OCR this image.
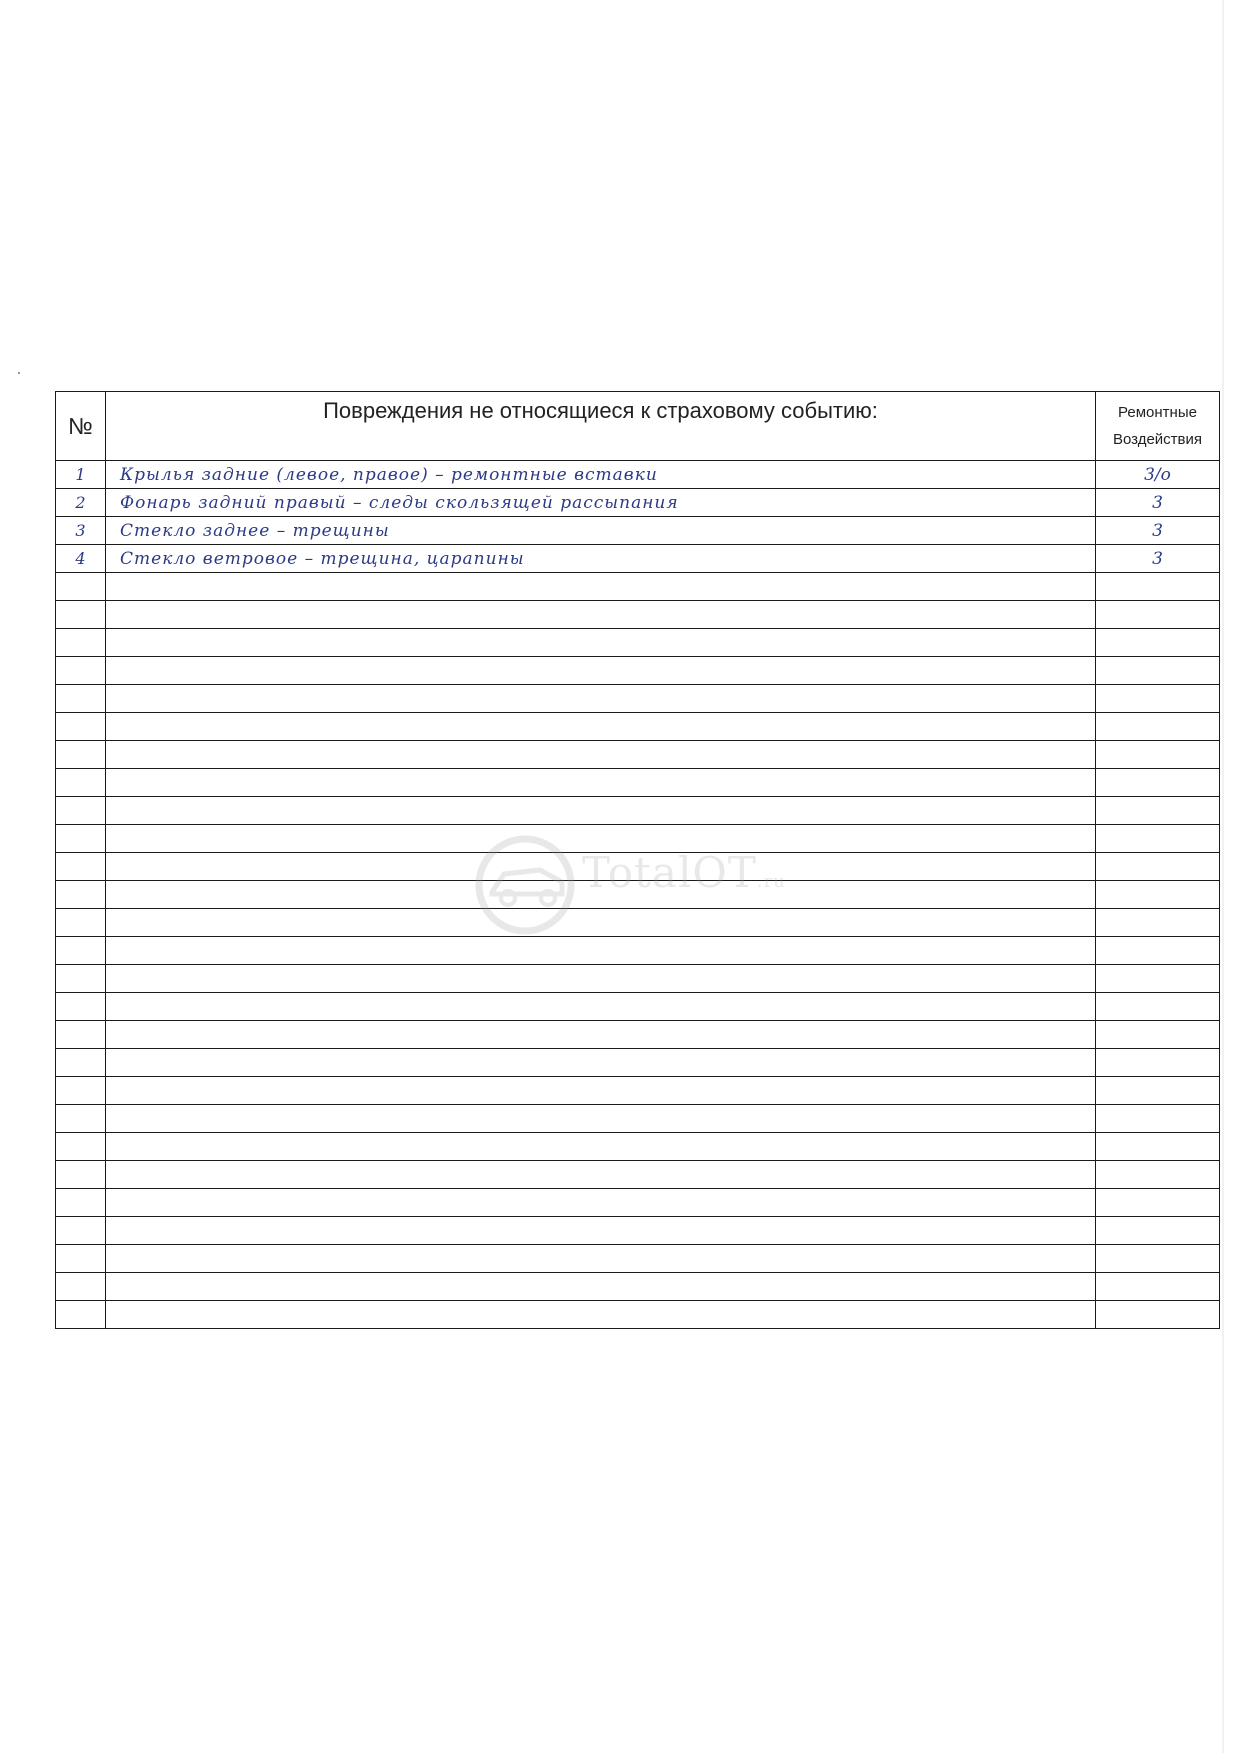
№	Повреждения не относящиеся к страховому событию:	Ремонтные
Воздействия

1	Крылья задние (левое, правое) – ремонтные вставки	3/о
2	Фонарь задний правый – следы скользящей рассыпания	3
3	Стекло заднее – трещины	3
4	Стекло ветровое – трещина, царапины	3

TotalOT.ru
